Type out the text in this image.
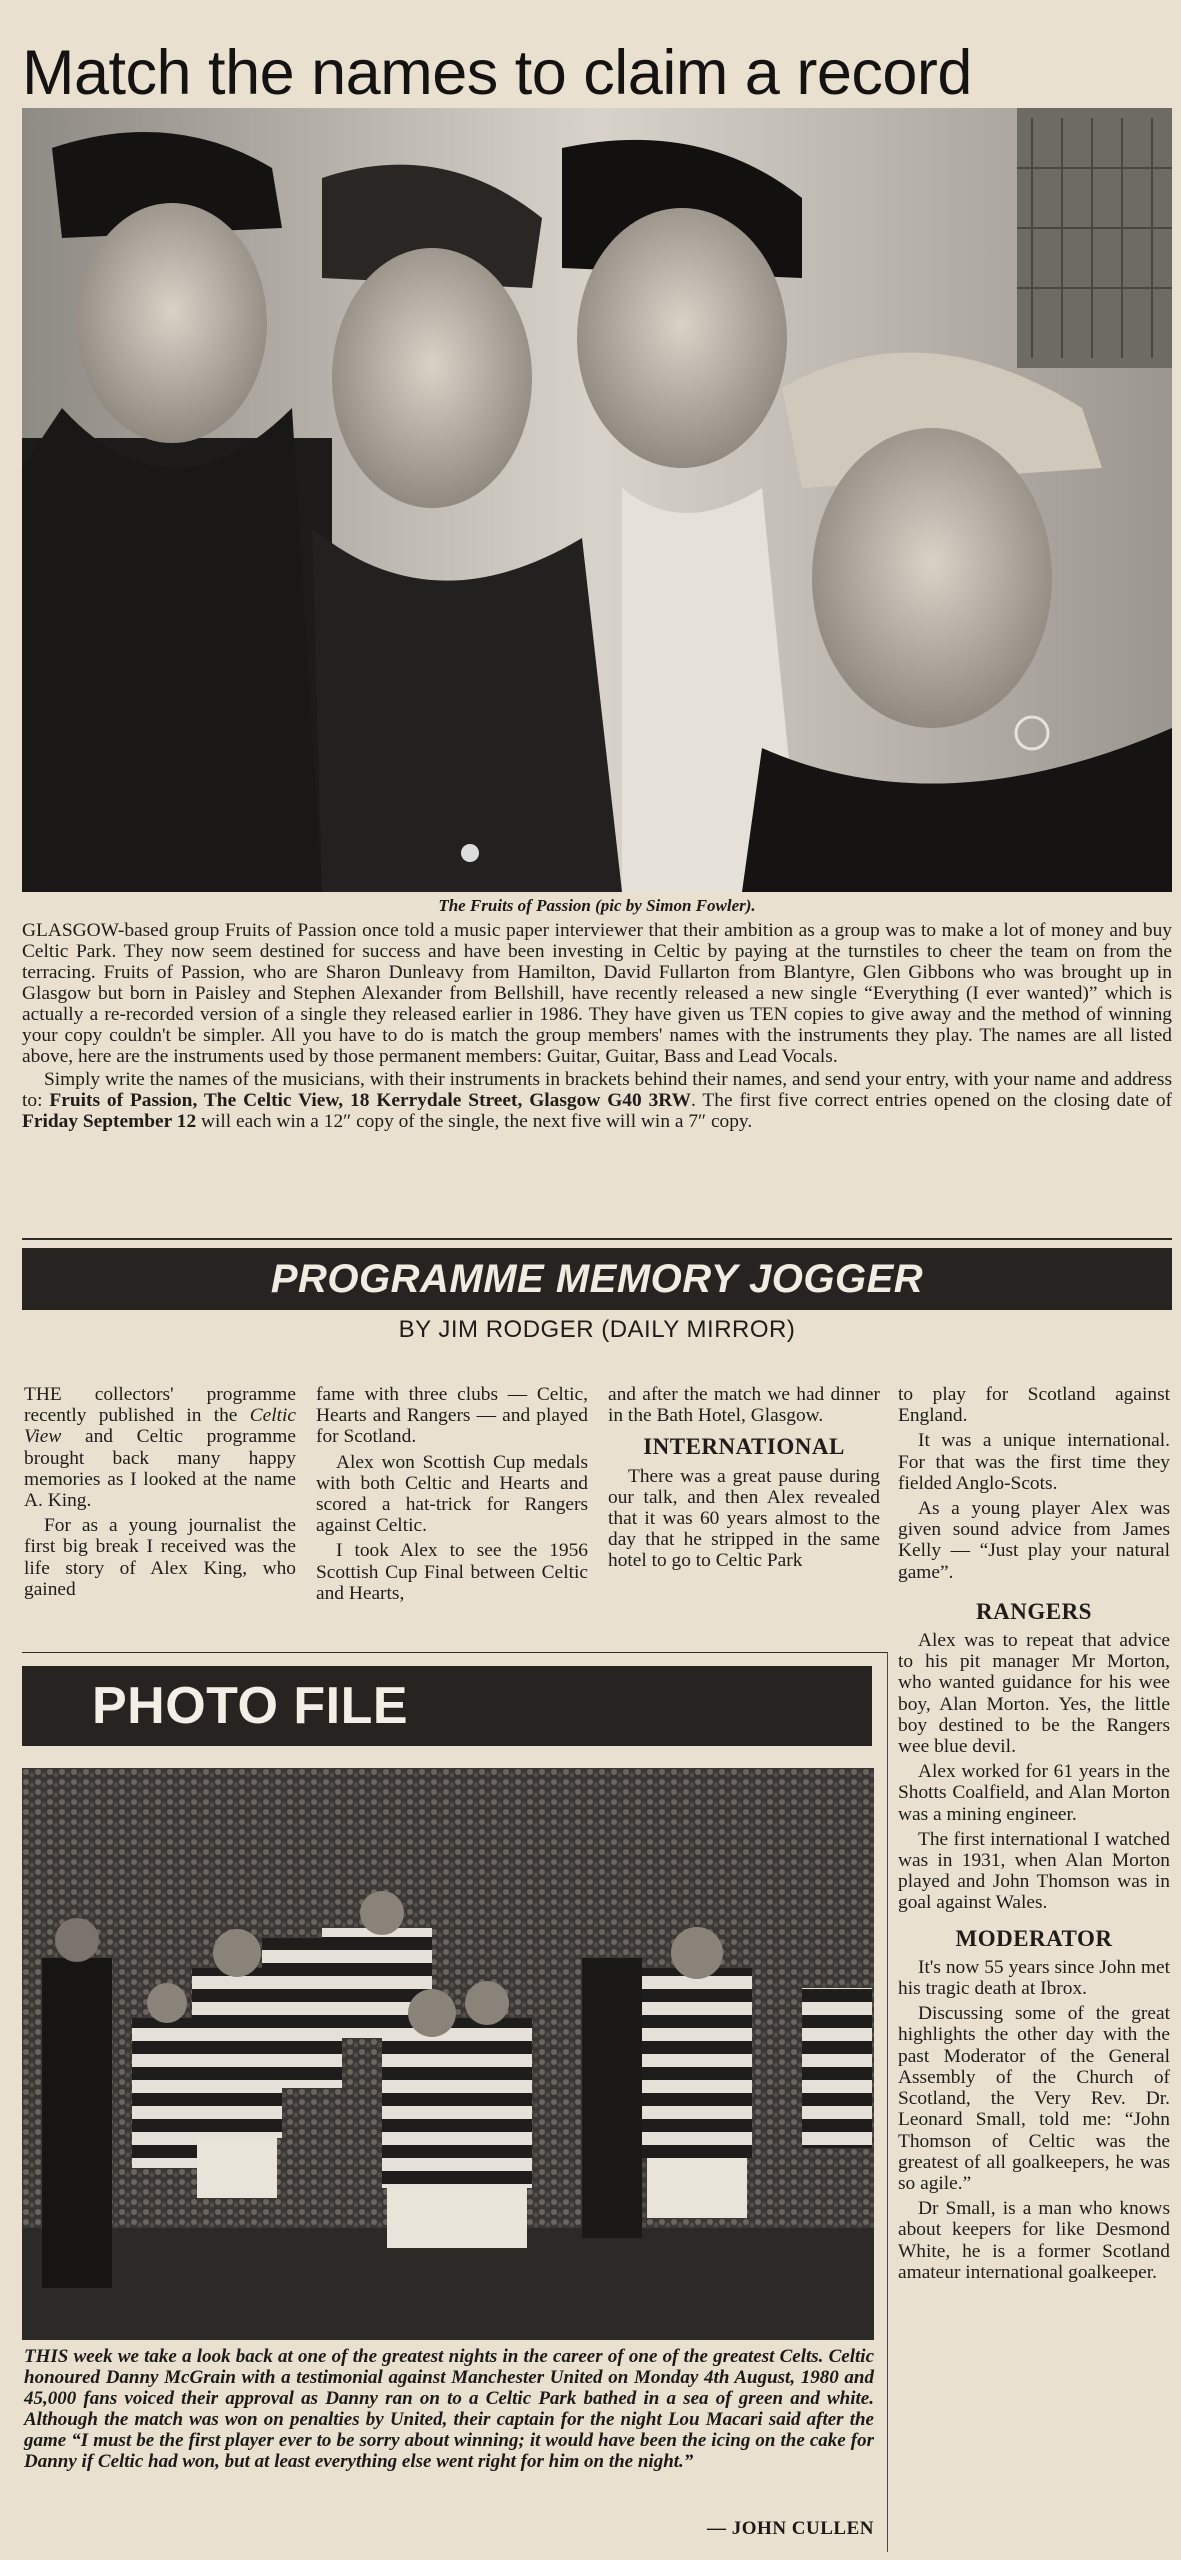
Match the names to claim a record
The Fruits of Passion (pic by Simon Fowler).

GLASGOW-based group Fruits of Passion once told a music paper interviewer that their ambition as a group was to make a lot of money and buy Celtic Park. They now seem destined for success and have been investing in Celtic by paying at the turnstiles to cheer the team on from the terracing. Fruits of Passion, who are Sharon Dunleavy from Hamilton, David Fullarton from Blantyre, Glen Gibbons who was brought up in Glasgow but born in Paisley and Stephen Alexander from Bellshill, have recently released a new single “Everything (I ever wanted)” which is actually a re-recorded version of a single they released earlier in 1986. They have given us TEN copies to give away and the method of winning your copy couldn't be simpler. All you have to do is match the group members' names with the instruments they play. The names are all listed above, here are the instruments used by those permanent members: Guitar, Guitar, Bass and Lead Vocals.

Simply write the names of the musicians, with their instruments in brackets behind their names, and send your entry, with your name and address to: Fruits of Passion, The Celtic View, 18 Kerrydale Street, Glasgow G40 3RW. The first five correct entries opened on the closing date of Friday September 12 will each win a 12″ copy of the single, the next five will win a 7″ copy.

PROGRAMME MEMORY JOGGER
BY JIM RODGER (DAILY MIRROR)

THE collectors' programme recently published in the Celtic View and Celtic programme brought back many happy memories as I looked at the name A. King.

For as a young journalist the first big break I received was the life story of Alex King, who gained

fame with three clubs — Celtic, Hearts and Rangers — and played for Scotland.

Alex won Scottish Cup medals with both Celtic and Hearts and scored a hat-trick for Rangers against Celtic.

I took Alex to see the 1956 Scottish Cup Final between Celtic and Hearts,

and after the match we had dinner in the Bath Hotel, Glasgow.

INTERNATIONAL

There was a great pause during our talk, and then Alex revealed that it was 60 years almost to the day that he stripped in the same hotel to go to Celtic Park

to play for Scotland against England.

It was a unique international. For that was the first time they fielded Anglo-Scots.

As a young player Alex was given sound advice from James Kelly — “Just play your natural game”.

RANGERS

Alex was to repeat that advice to his pit manager Mr Morton, who wanted guidance for his wee boy, Alan Morton. Yes, the little boy destined to be the Rangers wee blue devil.

Alex worked for 61 years in the Shotts Coalfield, and Alan Morton was a mining engineer.

The first international I watched was in 1931, when Alan Morton played and John Thomson was in goal against Wales.

MODERATOR

It's now 55 years since John met his tragic death at Ibrox.

Discussing some of the great highlights the other day with the past Moderator of the General Assembly of the Church of Scotland, the Very Rev. Dr. Leonard Small, told me: “John Thomson of Celtic was the greatest of all goalkeepers, he was so agile.”

Dr Small, is a man who knows about keepers for like Desmond White, he is a former Scotland amateur international goalkeeper.

PHOTO FILE
THIS week we take a look back at one of the greatest nights in the career of one of the greatest Celts. Celtic honoured Danny McGrain with a testimonial against Manchester United on Monday 4th August, 1980 and 45,000 fans voiced their approval as Danny ran on to a Celtic Park bathed in a sea of green and white. Although the match was won on penalties by United, their captain for the night Lou Macari said after the game “I must be the first player ever to be sorry about winning; it would have been the icing on the cake for Danny if Celtic had won, but at least everything else went right for him on the night.”
— JOHN CULLEN
